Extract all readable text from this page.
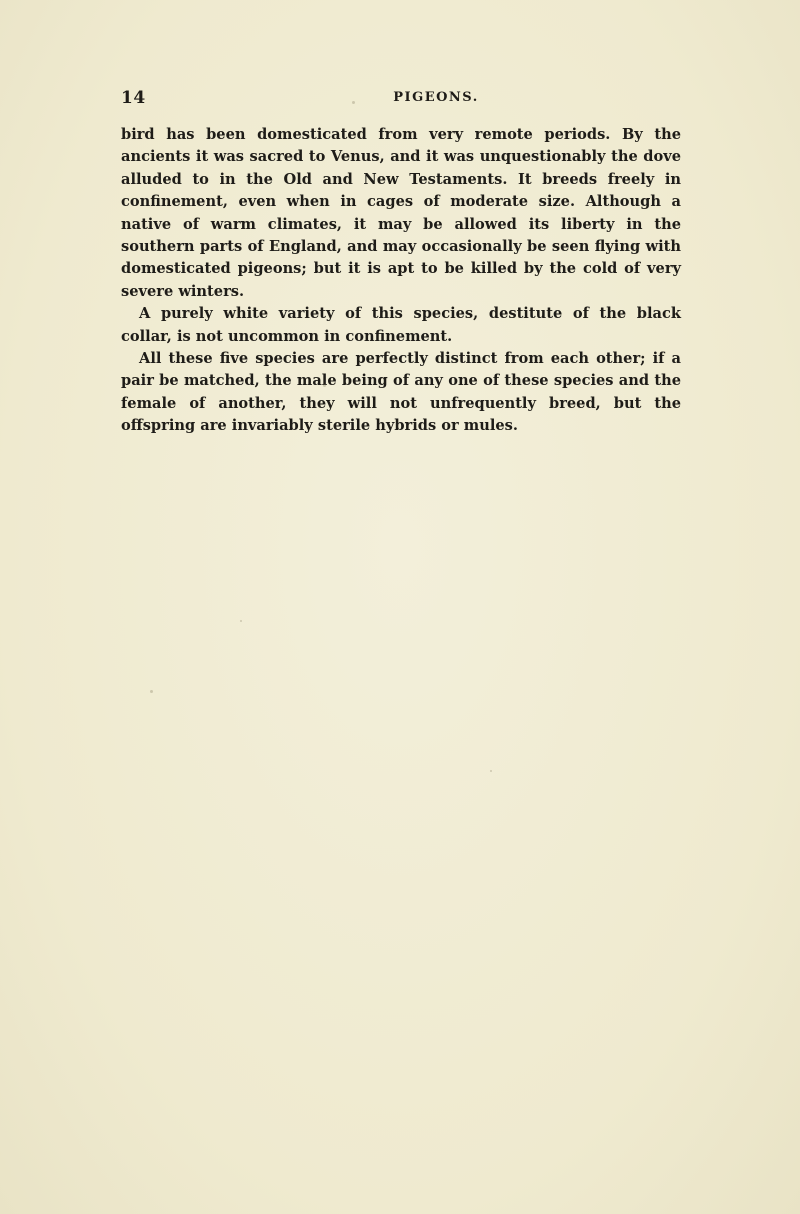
14	PIGEONS.

bird has been domesticated from very remote periods. By the ancients it was sacred to Venus, and it was unquestionably the dove alluded to in the Old and New Testaments. It breeds freely in confinement, even when in cages of moderate size. Although a native of warm climates, it may be allowed its liberty in the southern parts of England, and may occasionally be seen flying with domesticated pigeons; but it is apt to be killed by the cold of very severe winters.

A purely white variety of this species, destitute of the black collar, is not uncommon in confinement.

All these five species are perfectly distinct from each other; if a pair be matched, the male being of any one of these species and the female of another, they will not unfrequently breed, but the offspring are invariably sterile hybrids or mules.
